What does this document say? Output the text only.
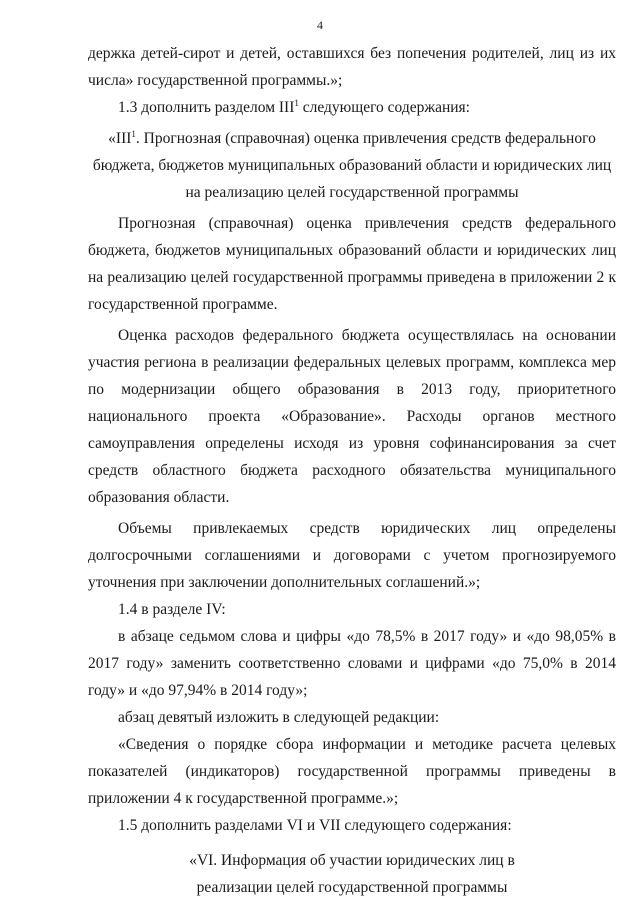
4

держка детей-сирот и детей, оставшихся без попечения родителей, лиц из их числа» государственной программы.»;

1.3 дополнить разделом III$^1$ следующего содержания:

«III$^1$. Прогнозная (справочная) оценка привлечения средств федерального бюджета, бюджетов муниципальных образований области и юридических лиц на реализацию целей государственной программы

Прогнозная (справочная) оценка привлечения средств федерального бюджета, бюджетов муниципальных образований области и юридических лиц на реализацию целей государственной программы приведена в приложении 2 к государственной программе.

Оценка расходов федерального бюджета осуществлялась на основании участия региона в реализации федеральных целевых программ, комплекса мер по модернизации общего образования в 2013 году, приоритетного национального проекта «Образование». Расходы органов местного самоуправления определены исходя из уровня софинансирования за счет средств областного бюджета расходного обязательства муниципального образования области.

Объемы привлекаемых средств юридических лиц определены долгосрочными соглашениями и договорами с учетом прогнозируемого уточнения при заключении дополнительных соглашений.»;

1.4 в разделе IV:

в абзаце седьмом слова и цифры «до 78,5% в 2017 году» и «до 98,05% в 2017 году» заменить соответственно словами и цифрами «до 75,0% в 2014 году» и «до 97,94% в 2014 году»;

абзац девятый изложить в следующей редакции:

«Сведения о порядке сбора информации и методике расчета целевых показателей (индикаторов) государственной программы приведены в приложении 4 к государственной программе.»;

1.5 дополнить разделами VI и VII следующего содержания:

«VI. Информация об участии юридических лиц в реализации целей государственной программы
